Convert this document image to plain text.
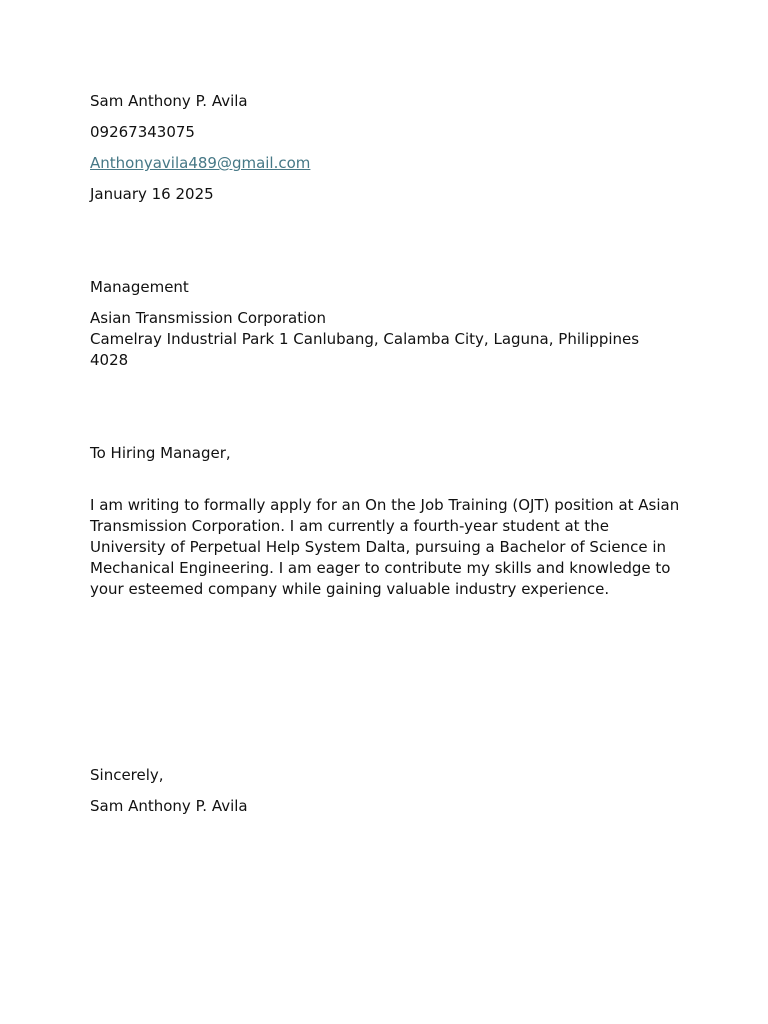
Sam Anthony P. Avila

09267343075

Anthonyavila489@gmail.com

January 16 2025

Management

Asian Transmission Corporation

Camelray Industrial Park 1 Canlubang, Calamba City, Laguna, Philippines 4028

To Hiring Manager,

I am writing to formally apply for an On the Job Training (OJT) position at Asian Transmission Corporation. I am currently a fourth-year student at the University of Perpetual Help System Dalta, pursuing a Bachelor of Science in Mechanical Engineering. I am eager to contribute my skills and knowledge to your esteemed company while gaining valuable industry experience.

Sincerely,

Sam Anthony P. Avila
